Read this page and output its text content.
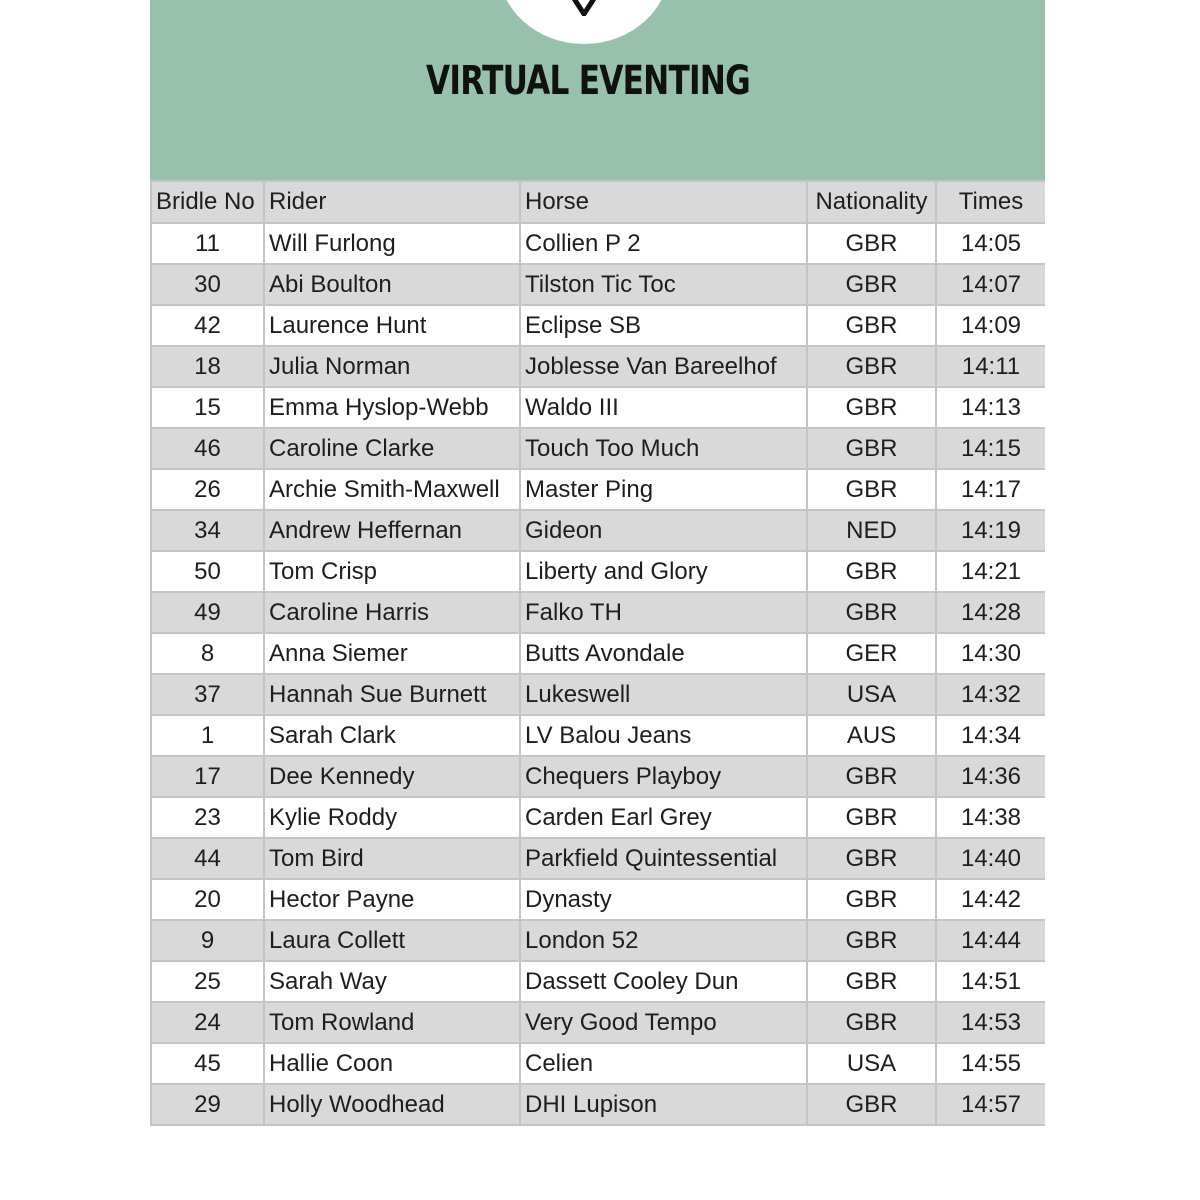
VIRTUAL EVENTING
Bridle No	Rider	Horse	Nationality	Times
11	Will Furlong	Collien P 2	GBR	14:05
30	Abi Boulton	Tilston Tic Toc	GBR	14:07
42	Laurence Hunt	Eclipse SB	GBR	14:09
18	Julia Norman	Joblesse Van Bareelhof	GBR	14:11
15	Emma Hyslop-Webb	Waldo III	GBR	14:13
46	Caroline Clarke	Touch Too Much	GBR	14:15
26	Archie Smith-Maxwell	Master Ping	GBR	14:17
34	Andrew Heffernan	Gideon	NED	14:19
50	Tom Crisp	Liberty and Glory	GBR	14:21
49	Caroline Harris	Falko TH	GBR	14:28
8	Anna Siemer	Butts Avondale	GER	14:30
37	Hannah Sue Burnett	Lukeswell	USA	14:32
1	Sarah Clark	LV Balou Jeans	AUS	14:34
17	Dee Kennedy	Chequers Playboy	GBR	14:36
23	Kylie Roddy	Carden Earl Grey	GBR	14:38
44	Tom Bird	Parkfield Quintessential	GBR	14:40
20	Hector Payne	Dynasty	GBR	14:42
9	Laura Collett	London 52	GBR	14:44
25	Sarah Way	Dassett Cooley Dun	GBR	14:51
24	Tom Rowland	Very Good Tempo	GBR	14:53
45	Hallie Coon	Celien	USA	14:55
29	Holly Woodhead	DHI Lupison	GBR	14:57
